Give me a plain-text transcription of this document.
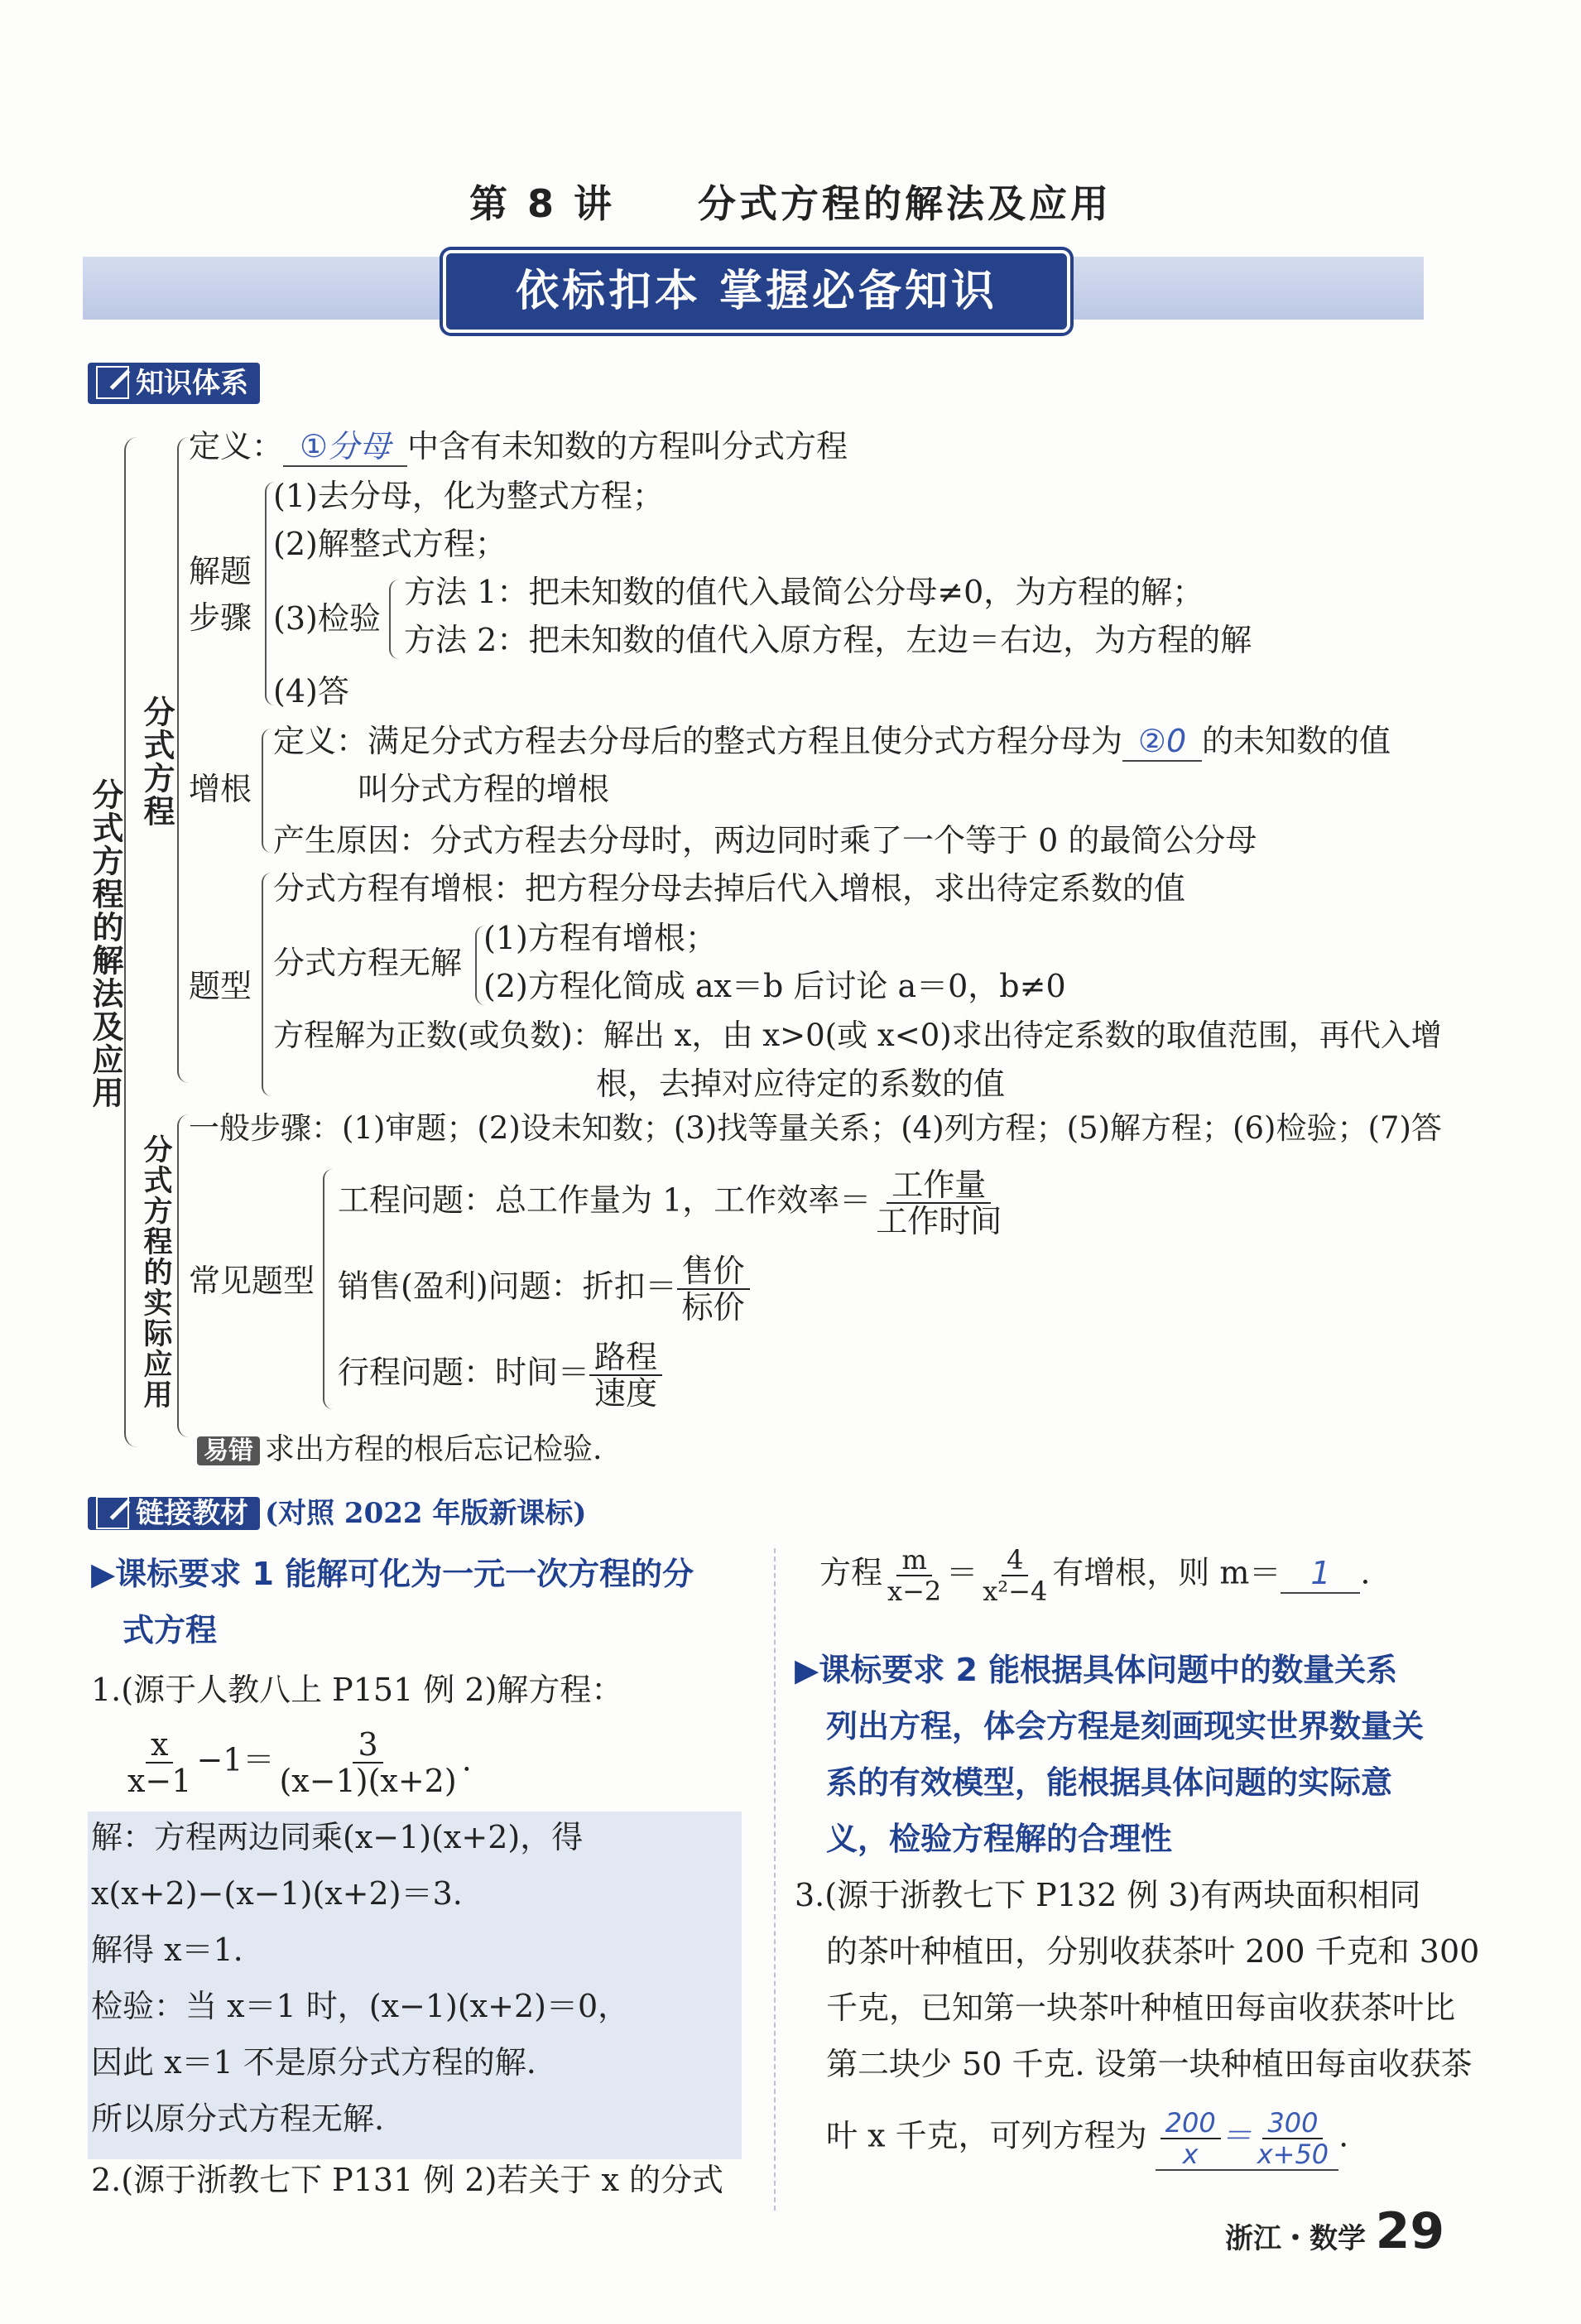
第 8 讲 分式方程的解法及应用
依标扣本 掌握必备知识
知识体系
分式方程的解法及应用
分式方程
定义： ①分母 中含有未知数的方程叫分式方程
解题步骤
(1)去分母，化为整式方程；
(2)解整式方程；
(3)检验
方法 1：把未知数的值代入最简公分母≠0，为方程的解；
方法 2：把未知数的值代入原方程，左边＝右边，为方程的解
(4)答
增根
定义：满足分式方程去分母后的整式方程且使分式方程分母为 ②0 的未知数的值
叫分式方程的增根
产生原因：分式方程去分母时，两边同时乘了一个等于 0 的最简公分母
题型
分式方程有增根：把方程分母去掉后代入增根，求出待定系数的值
分式方程无解
(1)方程有增根；
(2)方程化简成 ax＝b 后讨论 a＝0，b≠0
方程解为正数(或负数)：解出 x，由 x>0(或 x<0)求出待定系数的取值范围，再代入增
根，去掉对应待定的系数的值
分式方程的实际应用
一般步骤：(1)审题；(2)设未知数；(3)找等量关系；(4)列方程；(5)解方程；(6)检验；(7)答
常见题型
工程问题：总工作量为 1，工作效率＝ $\frac{\text{工作量}}{\text{工作时间}}$
销售(盈利)问题：折扣＝ $\frac{\text{售价}}{\text{标价}}$
行程问题：时间＝ $\frac{\text{路程}}{\text{速度}}$
易错 求出方程的根后忘记检验.
链接教材 (对照 2022 年版新课标)
▶课标要求 1 能解可化为一元一次方程的分
式方程
1.(源于人教八上 P151 例 2)解方程：
$\frac{x}{x-1} -1= \frac{3}{(x-1)(x+2)}$ .
解：方程两边同乘(x−1)(x+2)，得
x(x+2)−(x−1)(x+2)＝3.
解得 x＝1.
检验：当 x＝1 时，(x−1)(x+2)＝0，
因此 x＝1 不是原分式方程的解.
所以原分式方程无解.
2.(源于浙教七下 P131 例 2)若关于 x 的分式
方程 $\frac{m}{x-2} = \frac{4}{\text{x²−4}}$ 有增根，则 m＝ 1 .
▶课标要求 2 能根据具体问题中的数量关系
列出方程，体会方程是刻画现实世界数量关
系的有效模型，能根据具体问题的实际意
义，检验方程解的合理性
3.(源于浙教七下 P132 例 3)有两块面积相同
的茶叶种植田，分别收获茶叶 200 千克和 300
千克，已知第一块茶叶种植田每亩收获茶叶比
第二块少 50 千克. 设第一块种植田每亩收获茶
叶 x 千克，可列方程为 $\frac{200}{x} = \frac{300}{x+50}$ .
浙江・数学 29
